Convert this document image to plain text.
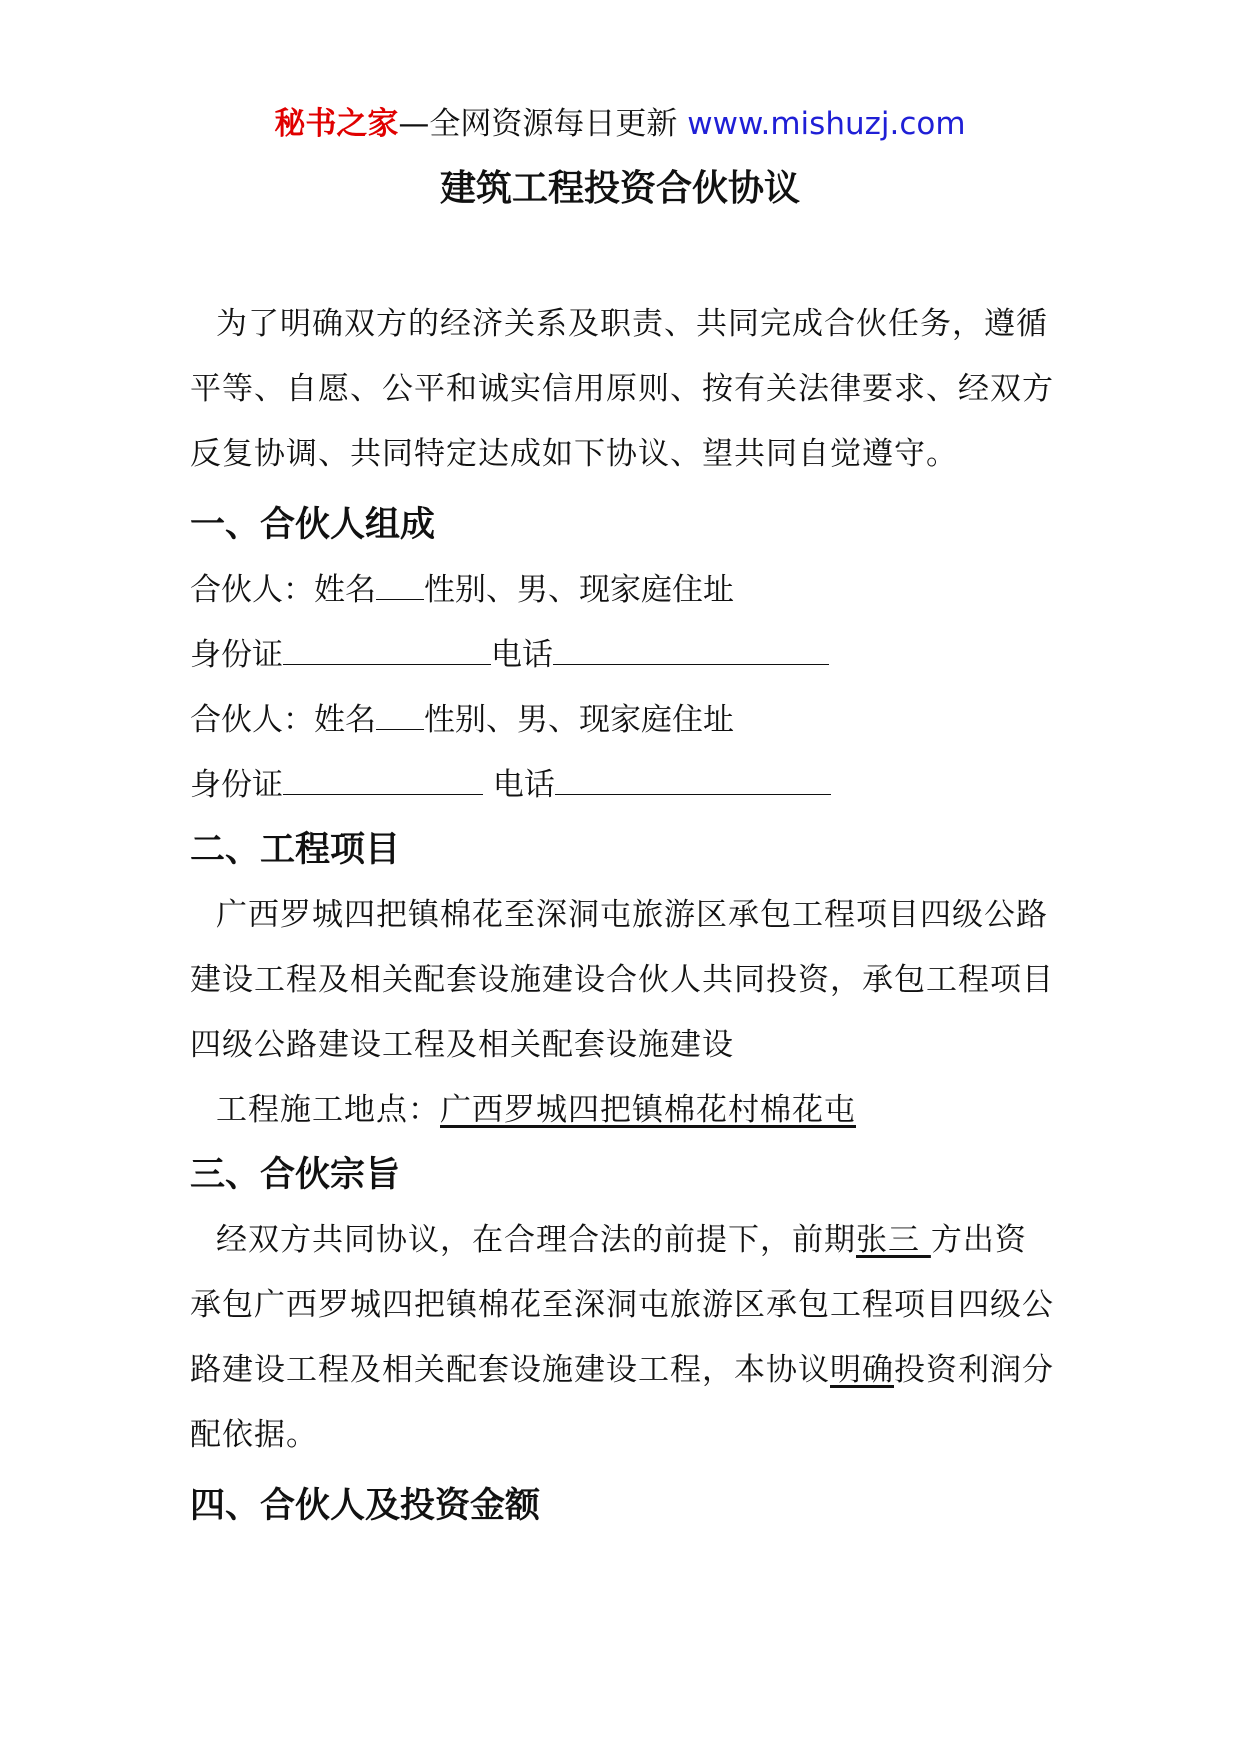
秘书之家—全网资源每日更新 www.mishuzj.com
建筑工程投资合伙协议

为了明确双方的经济关系及职责、共同完成合伙任务，遵循平等、自愿、公平和诚实信用原则、按有关法律要求、经双方反复协调、共同特定达成如下协议、望共同自觉遵守。

一、合伙人组成

合伙人：姓名 性别、男、现家庭住址

身份证	电话

合伙人：姓名 性别、男、现家庭住址

身份证	电话

二、工程项目

广西罗城四把镇棉花至深洞屯旅游区承包工程项目四级公路建设工程及相关配套设施建设合伙人共同投资，承包工程项目四级公路建设工程及相关配套设施建设

工程施工地点：广西罗城四把镇棉花村棉花屯

三、合伙宗旨

经双方共同协议，在合理合法的前提下，前期张三 方出资承包广西罗城四把镇棉花至深洞屯旅游区承包工程项目四级公路建设工程及相关配套设施建设工程，本协议明确投资利润分配依据。

四、合伙人及投资金额
